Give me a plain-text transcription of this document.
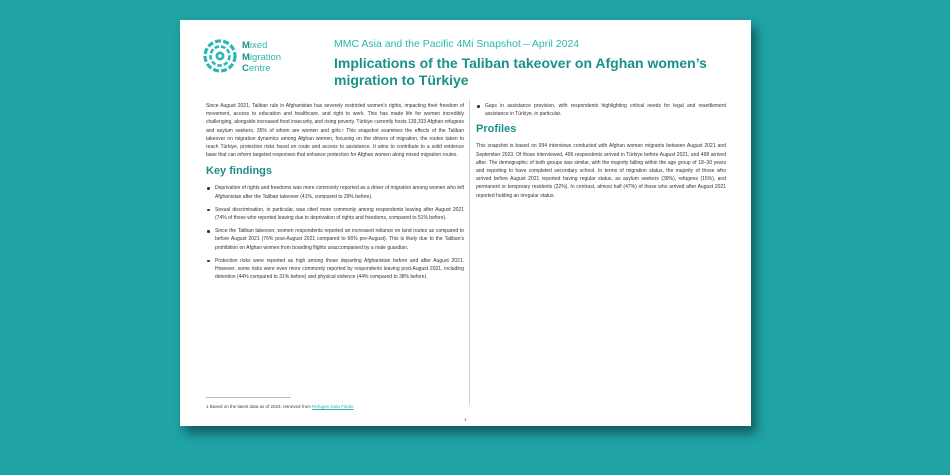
Mixed
Migration
Centre
MMC Asia and the Pacific 4Mi Snapshot – April 2024
Implications of the Taliban takeover on Afghan women’s migration to Türkiye

Since August 2021, Taliban rule in Afghanistan has severely restricted women’s rights, impacting their freedom of movement, access to education and healthcare, and right to work. This has made life for women incredibly challenging, alongside increased food insecurity, and rising poverty. Türkiye currently hosts 139,333 Afghan refugees and asylum seekers, 35% of whom are women and girls.¹ This snapshot examines the effects of the Taliban takeover on migration dynamics among Afghan women, focusing on the drivers of migration, the routes taken to reach Türkiye, protection risks faced en route and access to assistance. It aims to contribute to a solid evidence base that can inform targeted responses that enhance protection for Afghan women along mixed migration routes.

Key findings
Deprivation of rights and freedoms was more commonly reported as a driver of migration among women who left Afghanistan after the Taliban takeover (41%, compared to 29% before).
Sexual discrimination, in particular, was cited more commonly among respondents leaving after August 2021 (74% of those who reported leaving due to deprivation of rights and freedoms, compared to 51% before).
Since the Taliban takeover, women respondents reported an increased reliance on land routes as compared to before August 2021 (76% post-August 2021 compared to 66% pre-August). This is likely due to the Taliban’s prohibition on Afghan women from boarding flights unaccompanied by a male guardian.
Protection risks were reported as high among those departing Afghanistan before and after August 2021. However, some risks were even more commonly reported by respondents leaving post-August 2021, including detention (44% compared to 31% before) and physical violence (44% compared to 38% before).
Gaps in assistance provision, with respondents highlighting critical needs for legal and resettlement assistance in Türkiye, in particular.
Profiles

This snapshot is based on 994 interviews conducted with Afghan women migrants between August 2021 and September 2023. Of those interviewed, 496 respondents arrived in Türkiye before August 2021, and 498 arrived after. The demographic of both groups was similar, with the majority falling within the age group of 18–30 years and reporting to have completed secondary school. In terms of migration status, the majority of those who arrived before August 2021 reported having regular status, as asylum seekers (39%), refugees (15%), and permanent or temporary residents (22%). In contrast, almost half (47%) of those who arrived after August 2021 reported holding an irregular status.

1 Based on the latest data as of 2023, retrieved from Refugee Data Finder
1
